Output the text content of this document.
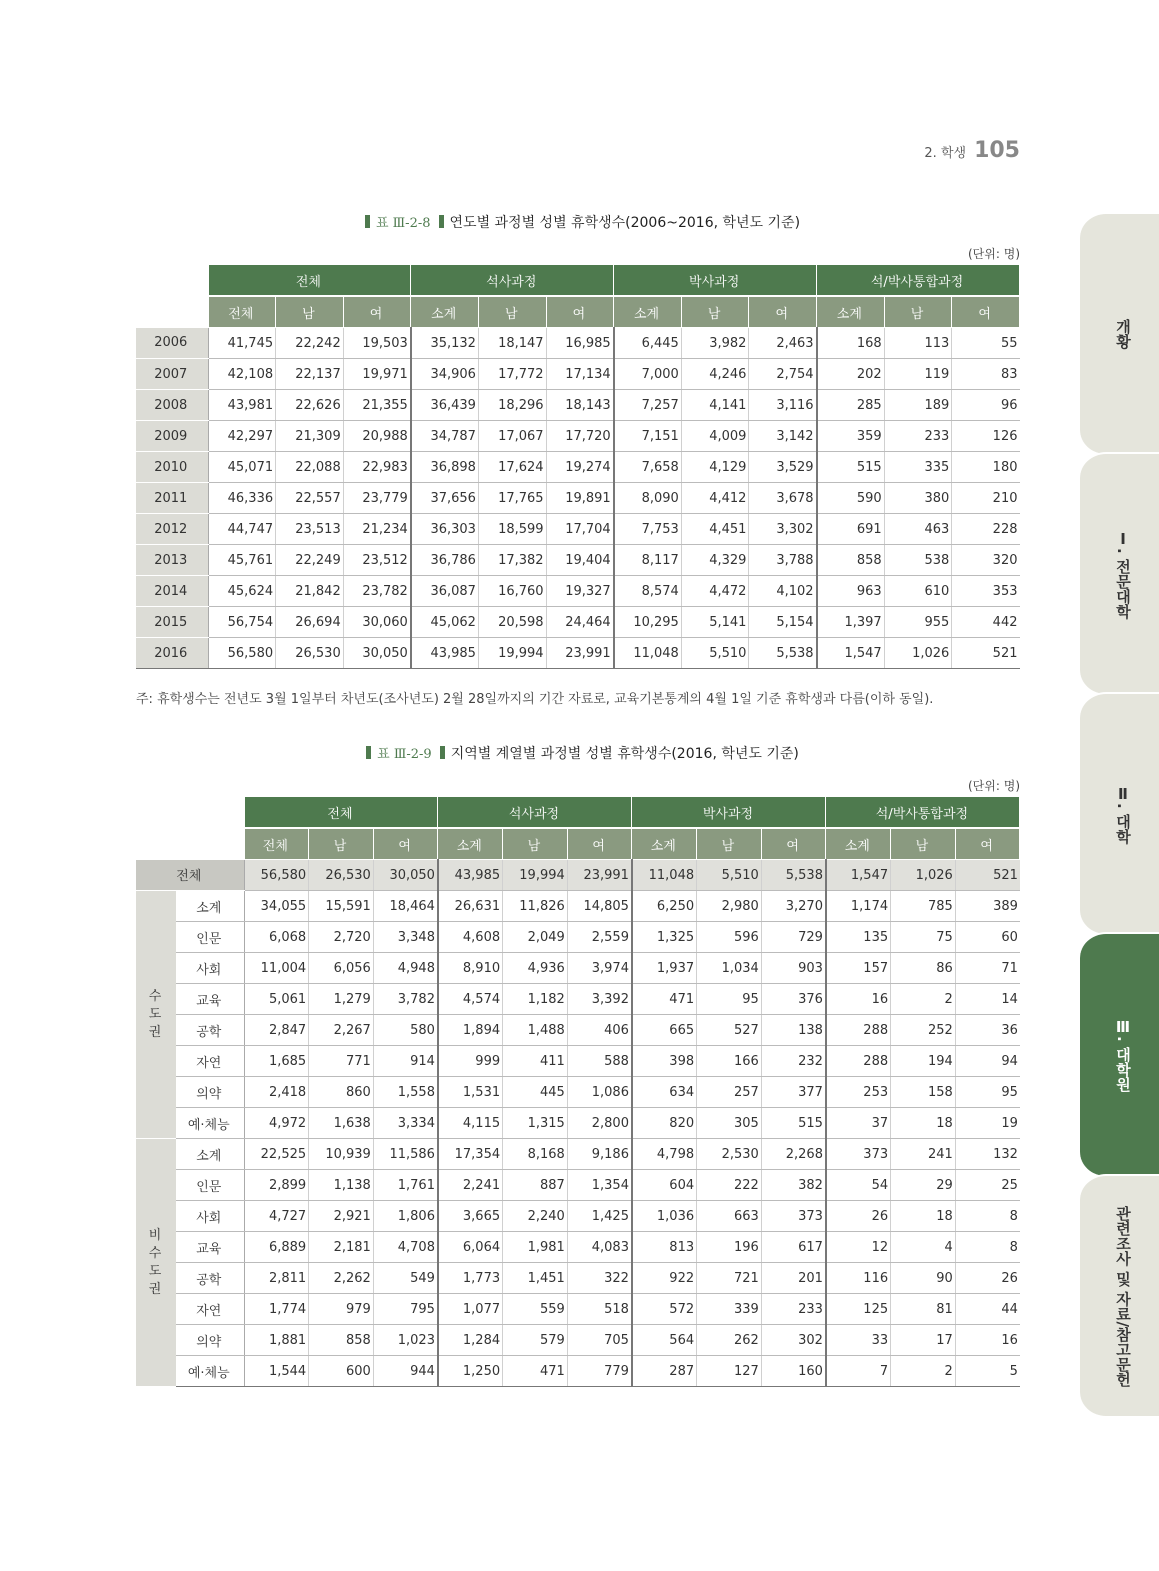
2. 학생 105
표 Ⅲ-2-8 연도별 과정별 성별 휴학생수(2006~2016, 학년도 기준)
(단위: 명)
	전체			석사과정			박사과정			석/박사통합과정		
	전체	남	여	소계	남	여	소계	남	여	소계	남	여
2006	41,745	22,242	19,503	35,132	18,147	16,985	6,445	3,982	2,463	168	113	55
2007	42,108	22,137	19,971	34,906	17,772	17,134	7,000	4,246	2,754	202	119	83
2008	43,981	22,626	21,355	36,439	18,296	18,143	7,257	4,141	3,116	285	189	96
2009	42,297	21,309	20,988	34,787	17,067	17,720	7,151	4,009	3,142	359	233	126
2010	45,071	22,088	22,983	36,898	17,624	19,274	7,658	4,129	3,529	515	335	180
2011	46,336	22,557	23,779	37,656	17,765	19,891	8,090	4,412	3,678	590	380	210
2012	44,747	23,513	21,234	36,303	18,599	17,704	7,753	4,451	3,302	691	463	228
2013	45,761	22,249	23,512	36,786	17,382	19,404	8,117	4,329	3,788	858	538	320
2014	45,624	21,842	23,782	36,087	16,760	19,327	8,574	4,472	4,102	963	610	353
2015	56,754	26,694	30,060	45,062	20,598	24,464	10,295	5,141	5,154	1,397	955	442
2016	56,580	26,530	30,050	43,985	19,994	23,991	11,048	5,510	5,538	1,547	1,026	521
주: 휴학생수는 전년도 3월 1일부터 차년도(조사년도) 2월 28일까지의 기간 자료로, 교육기본통계의 4월 1일 기준 휴학생과 다름(이하 동일).
표 Ⅲ-2-9 지역별 계열별 과정별 성별 휴학생수(2016, 학년도 기준)
(단위: 명)
		전체			석사과정			박사과정			석/박사통합과정		
		전체	남	여	소계	남	여	소계	남	여	소계	남	여
전체		56,580	26,530	30,050	43,985	19,994	23,991	11,048	5,510	5,538	1,547	1,026	521

수
도
권	소계	34,055	15,591	18,464	26,631	11,826	14,805	6,250	2,980	3,270	1,174	785	389
	인문	6,068	2,720	3,348	4,608	2,049	2,559	1,325	596	729	135	75	60
	사회	11,004	6,056	4,948	8,910	4,936	3,974	1,937	1,034	903	157	86	71
	교육	5,061	1,279	3,782	4,574	1,182	3,392	471	95	376	16	2	14
	공학	2,847	2,267	580	1,894	1,488	406	665	527	138	288	252	36
	자연	1,685	771	914	999	411	588	398	166	232	288	194	94
	의약	2,418	860	1,558	1,531	445	1,086	634	257	377	253	158	95
	예·체능	4,972	1,638	3,334	4,115	1,315	2,800	820	305	515	37	18	19

비
수
도
권	소계	22,525	10,939	11,586	17,354	8,168	9,186	4,798	2,530	2,268	373	241	132
	인문	2,899	1,138	1,761	2,241	887	1,354	604	222	382	54	29	25
	사회	4,727	2,921	1,806	3,665	2,240	1,425	1,036	663	373	26	18	8
	교육	6,889	2,181	4,708	6,064	1,981	4,083	813	196	617	12	4	8
	공학	2,811	2,262	549	1,773	1,451	322	922	721	201	116	90	26
	자연	1,774	979	795	1,077	559	518	572	339	233	125	81	44
	의약	1,881	858	1,023	1,284	579	705	564	262	302	33	17	16
	예·체능	1,544	600	944	1,250	471	779	287	127	160	7	2	5
개황
Ⅰ. 전문대학
Ⅱ. 대학
Ⅲ. 대학원
관련조사 및 자료/참고문헌
